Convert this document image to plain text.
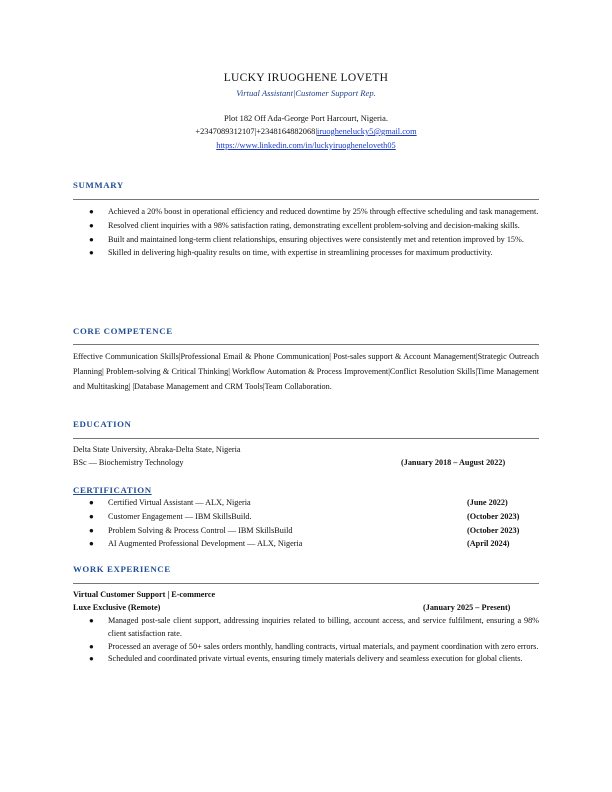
LUCKY IRUOGHENE LOVETH
Virtual Assistant|Customer Support Rep.
Plot 182 Off Ada-George Port Harcourt, Nigeria.
+2347089312107|+2348164882068|iruoghenelucky5@gmail.com
https://www.linkedin.com/in/luckyiruogheneloveth05
SUMMARY
● Achieved a 20% boost in operational efficiency and reduced downtime by 25% through effective scheduling and task management.
● Resolved client inquiries with a 98% satisfaction rating, demonstrating excellent problem-solving and decision-making skills.
● Built and maintained long-term client relationships, ensuring objectives were consistently met and retention improved by 15%.
● Skilled in delivering high-quality results on time, with expertise in streamlining processes for maximum productivity.
CORE COMPETENCE
Effective Communication Skills|Professional Email & Phone Communication| Post-sales support & Account Management|Strategic Outreach Planning| Problem-solving & Critical Thinking| Workflow Automation & Process Improvement|Conflict Resolution Skills|Time Management and Multitasking| |Database Management and CRM Tools|Team Collaboration.
EDUCATION
Delta State University, Abraka-Delta State, Nigeria
BSc — Biochemistry Technology	(January 2018 – August 2022)
CERTIFICATION
● Certified Virtual Assistant — ALX, Nigeria	(June 2022)
● Customer Engagement — IBM SkillsBuild.	(October 2023)
● Problem Solving & Process Control — IBM SkillsBuild	(October 2023)
● AI Augmented Professional Development — ALX, Nigeria	(April 2024)
WORK EXPERIENCE
Virtual Customer Support | E-commerce
Luxe Exclusive (Remote)	(January 2025 – Present)
● Managed post-sale client support, addressing inquiries related to billing, account access, and service fulfilment, ensuring a 98% client satisfaction rate.
● Processed an average of 50+ sales orders monthly, handling contracts, virtual materials, and payment coordination with zero errors.
● Scheduled and coordinated private virtual events, ensuring timely materials delivery and seamless execution for global clients.
